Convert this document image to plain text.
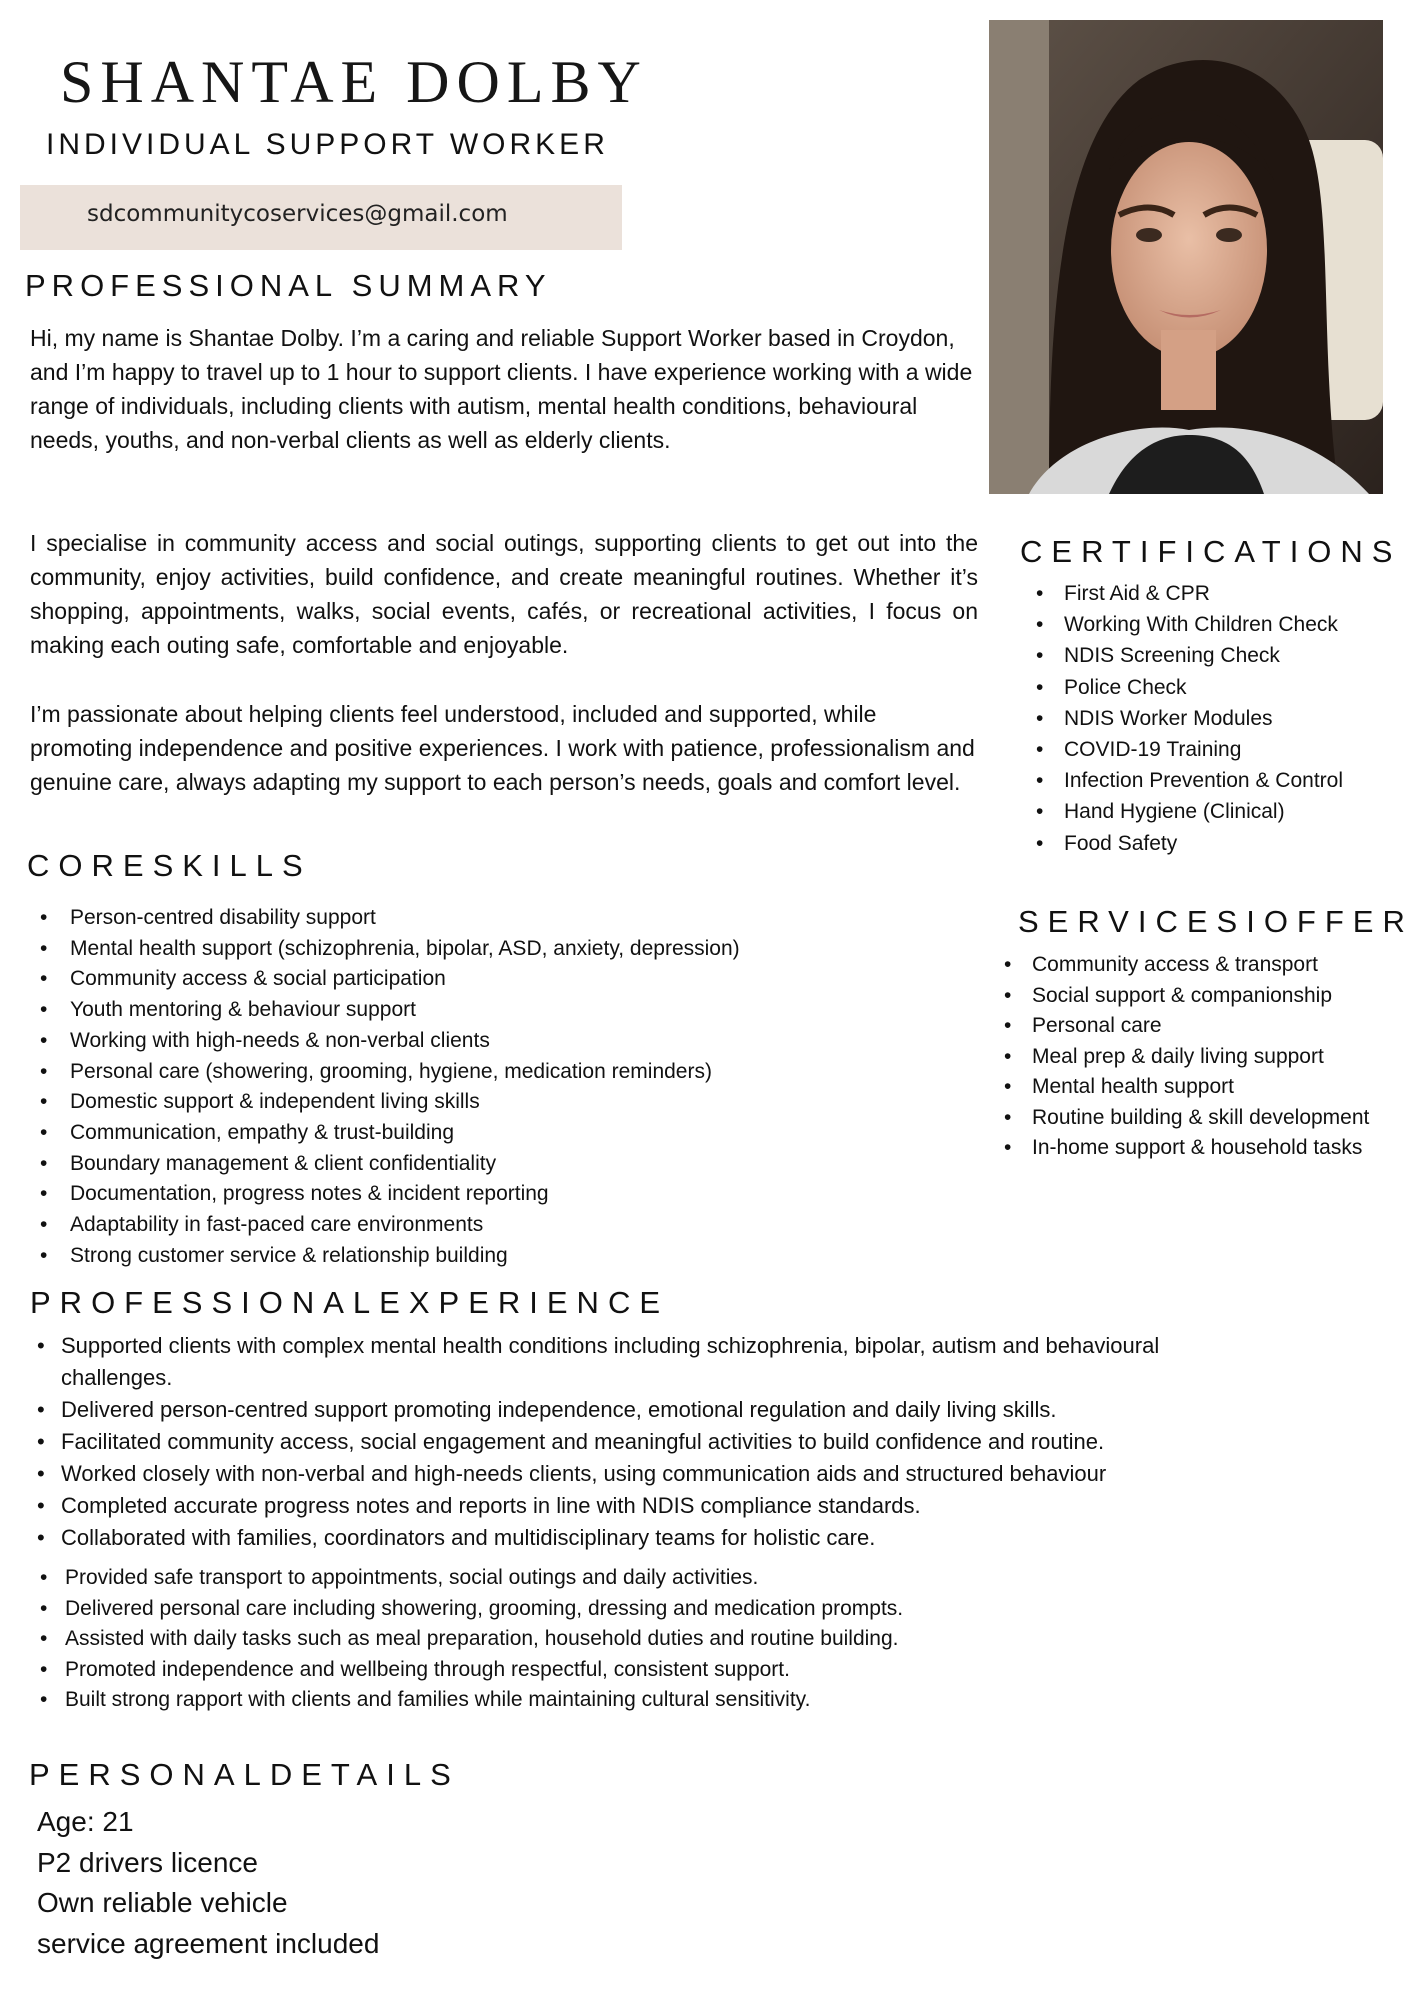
SHANTAE DOLBY
INDIVIDUAL SUPPORT WORKER
sdcommunitycoservices@gmail.com
PROFESSIONAL SUMMARY

Hi, my name is Shantae Dolby. I’m a caring and reliable Support Worker based in Croydon, and I’m happy to travel up to 1 hour to support clients. I have experience working with a wide range of individuals, including clients with autism, mental health conditions, behavioural needs, youths, and non-verbal clients as well as elderly clients.

I specialise in community access and social outings, supporting clients to get out into the community, enjoy activities, build confidence, and create meaningful routines. Whether it’s shopping, appointments, walks, social events, cafés, or recreational activities, I focus on making each outing safe, comfortable and enjoyable.

I’m passionate about helping clients feel understood, included and supported, while promoting independence and positive experiences. I work with patience, professionalism and genuine care, always adapting my support to each person’s needs, goals and comfort level.

CERTIFICATIONS
• First Aid & CPR
• Working With Children Check
• NDIS Screening Check
• Police Check
• NDIS Worker Modules
• COVID-19 Training
• Infection Prevention & Control
• Hand Hygiene (Clinical)
• Food Safety
CORESKILLS
• Person-centred disability support
• Mental health support (schizophrenia, bipolar, ASD, anxiety, depression)
• Community access & social participation
• Youth mentoring & behaviour support
• Working with high-needs & non-verbal clients
• Personal care (showering, grooming, hygiene, medication reminders)
• Domestic support & independent living skills
• Communication, empathy & trust-building
• Boundary management & client confidentiality
• Documentation, progress notes & incident reporting
• Adaptability in fast-paced care environments
• Strong customer service & relationship building
SERVICESIOFFER
• Community access & transport
• Social support & companionship
• Personal care
• Meal prep & daily living support
• Mental health support
• Routine building & skill development
• In-home support & household tasks
PROFESSIONALEXPERIENCE
• Supported clients with complex mental health conditions including schizophrenia, bipolar, autism and behavioural challenges.
• Delivered person-centred support promoting independence, emotional regulation and daily living skills.
• Facilitated community access, social engagement and meaningful activities to build confidence and routine.
• Worked closely with non-verbal and high-needs clients, using communication aids and structured behaviour
• Completed accurate progress notes and reports in line with NDIS compliance standards.
• Collaborated with families, coordinators and multidisciplinary teams for holistic care.
• Provided safe transport to appointments, social outings and daily activities.
• Delivered personal care including showering, grooming, dressing and medication prompts.
• Assisted with daily tasks such as meal preparation, household duties and routine building.
• Promoted independence and wellbeing through respectful, consistent support.
• Built strong rapport with clients and families while maintaining cultural sensitivity.
PERSONALDETAILS
Age: 21
P2 drivers licence
Own reliable vehicle
service agreement included
